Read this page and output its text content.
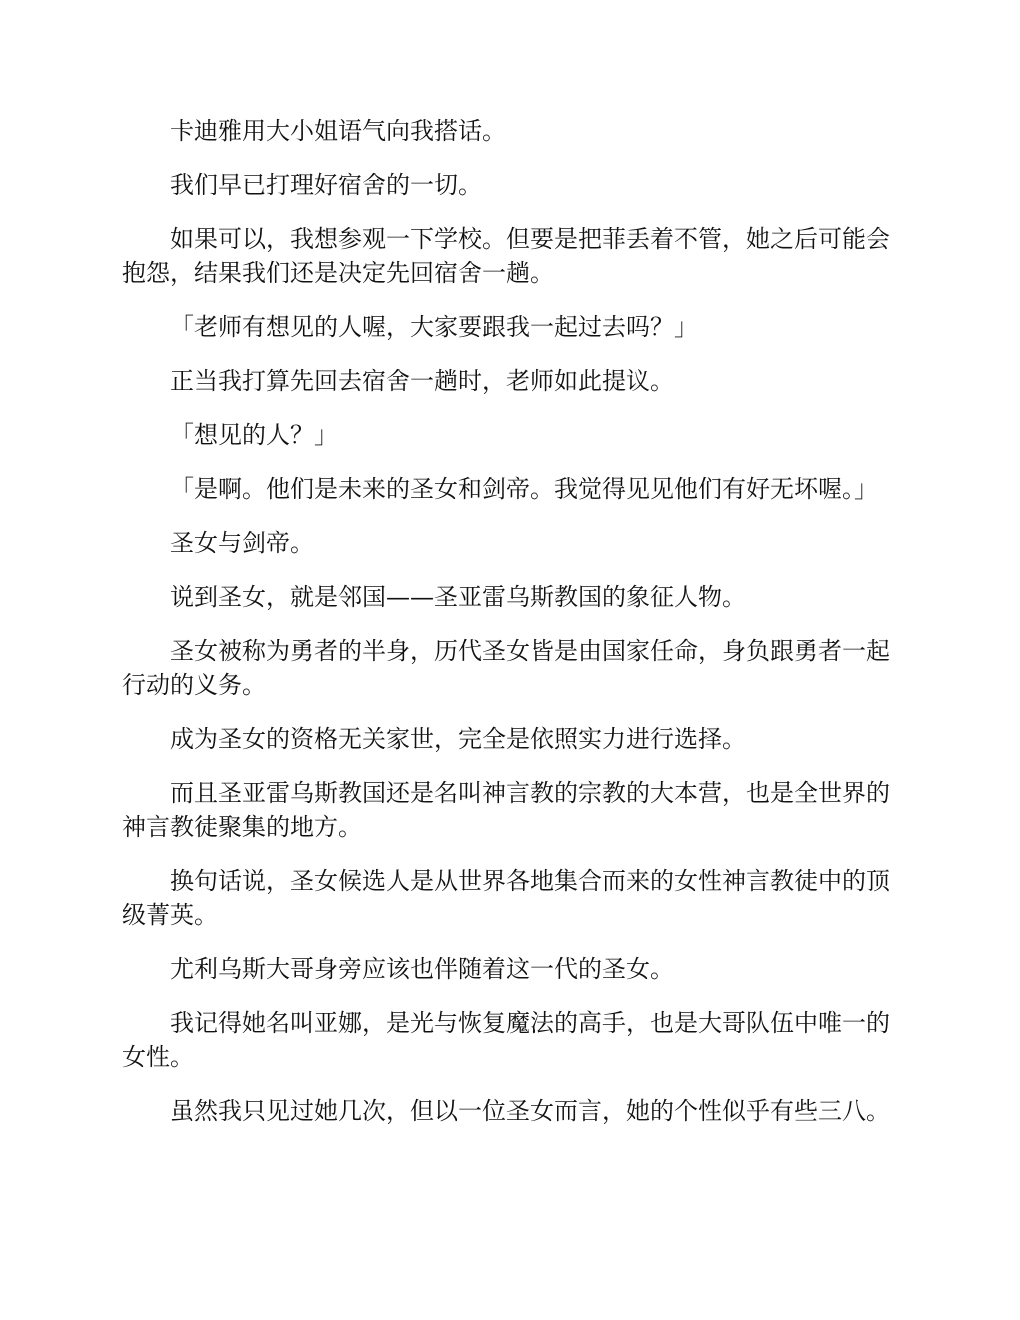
卡迪雅用大小姐语气向我搭话。

我们早已打理好宿舍的一切。

如果可以，我想参观一下学校。但要是把菲丢着不管，她之后可能会抱怨，结果我们还是决定先回宿舍一趟。

「老师有想见的人喔，大家要跟我一起过去吗？」

正当我打算先回去宿舍一趟时，老师如此提议。

「想见的人？」

「是啊。他们是未来的圣女和剑帝。我觉得见见他们有好无坏喔。」

圣女与剑帝。

说到圣女，就是邻国——圣亚雷乌斯教国的象征人物。

圣女被称为勇者的半身，历代圣女皆是由国家任命，身负跟勇者一起行动的义务。

成为圣女的资格无关家世，完全是依照实力进行选择。

而且圣亚雷乌斯教国还是名叫神言教的宗教的大本营，也是全世界的神言教徒聚集的地方。

换句话说，圣女候选人是从世界各地集合而来的女性神言教徒中的顶级菁英。

尤利乌斯大哥身旁应该也伴随着这一代的圣女。

我记得她名叫亚娜，是光与恢复魔法的高手，也是大哥队伍中唯一的女性。

虽然我只见过她几次，但以一位圣女而言，她的个性似乎有些三八。
